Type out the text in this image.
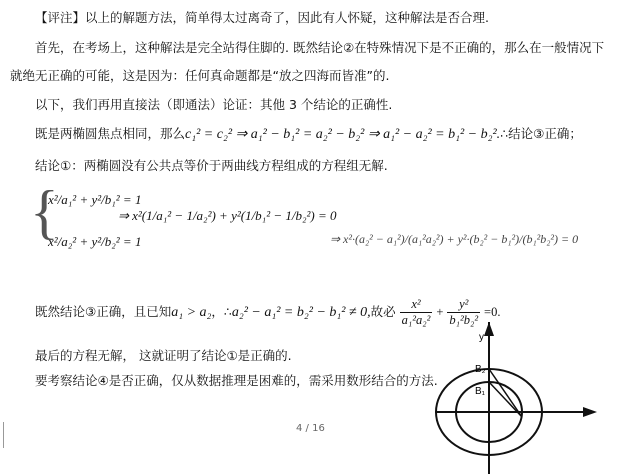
【评注】以上的解题方法，简单得太过离奇了，因此有人怀疑，这种解法是否合理.
首先，在考场上，这种解法是完全站得住脚的. 既然结论②在特殊情况下是不正确的，那么在一般情况下
就绝无正确的可能，这是因为：任何真命题都是“放之四海而皆准”的.
以下，我们再用直接法（即通法）论证：其他 3 个结论的正确性.
既是两椭圆焦点相同，那么c₁² = c₂² ⇒ a₁² − b₁² = a₂² − b₂² ⇒ a₁² − a₂² = b₁² − b₂².∴结论③正确；
结论①：两椭圆没有公共点等价于两曲线方程组成的方程组无解.
{
x²/a₁² + y²/b₁² = 1
x²/a₂² + y²/b₂² = 1
⇒ x²(1/a₁² − 1/a₂²) + y²(1/b₁² − 1/b₂²) = 0
⇒ x²·(a₂² − a₁²)/(a₁²a₂²) + y²·(b₂² − b₁²)/(b₁²b₂²) = 0
既然结论③正确，且已知a₁ > a₂，∴a₂² − a₁² = b₂² − b₁² ≠ 0,故必 $\frac{\text{x²}}{\text{a₁²a₂²}} + \frac{\text{y²}}{\text{b₁²b₂²}} =0$.
最后的方程无解， 这就证明了结论①是正确的.
要考察结论④是否正确，仅从数据推理是困难的，需采用数形结合的方法.
y
B₂
B₁
4 / 16
